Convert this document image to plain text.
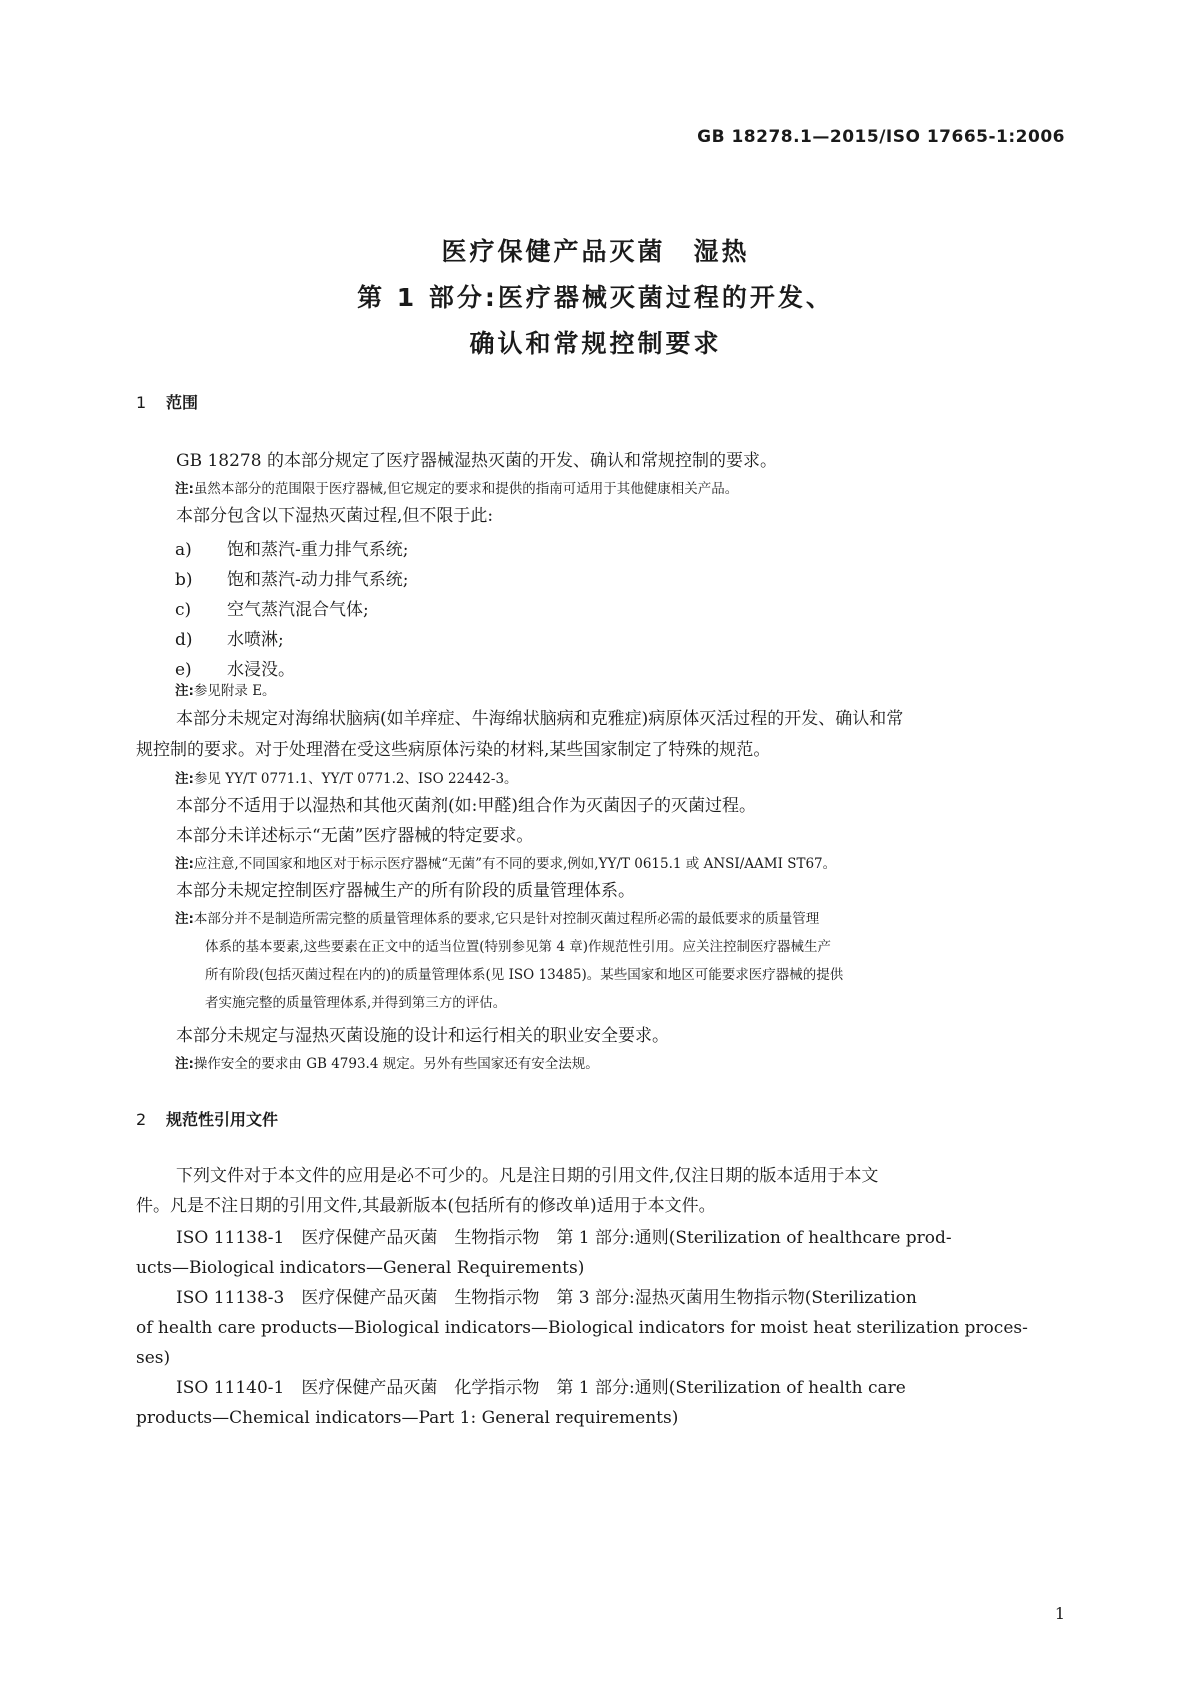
GB 18278.1—2015/ISO 17665-1:2006
医疗保健产品灭菌　湿热
第 1 部分:医疗器械灭菌过程的开发、
确认和常规控制要求
1 范围
GB 18278 的本部分规定了医疗器械湿热灭菌的开发、确认和常规控制的要求。
注:虽然本部分的范围限于医疗器械,但它规定的要求和提供的指南可适用于其他健康相关产品。
本部分包含以下湿热灭菌过程,但不限于此:
a) 饱和蒸汽-重力排气系统;
b) 饱和蒸汽-动力排气系统;
c) 空气蒸汽混合气体;
d) 水喷淋;
e) 水浸没。
注:参见附录 E。
本部分未规定对海绵状脑病(如羊痒症、牛海绵状脑病和克雅症)病原体灭活过程的开发、确认和常
规控制的要求。对于处理潜在受这些病原体污染的材料,某些国家制定了特殊的规范。
注:参见 YY/T 0771.1、YY/T 0771.2、ISO 22442-3。
本部分不适用于以湿热和其他灭菌剂(如:甲醛)组合作为灭菌因子的灭菌过程。
本部分未详述标示“无菌”医疗器械的特定要求。
注:应注意,不同国家和地区对于标示医疗器械“无菌”有不同的要求,例如,YY/T 0615.1 或 ANSI/AAMI ST67。
本部分未规定控制医疗器械生产的所有阶段的质量管理体系。
注:本部分并不是制造所需完整的质量管理体系的要求,它只是针对控制灭菌过程所必需的最低要求的质量管理
体系的基本要素,这些要素在正文中的适当位置(特别参见第 4 章)作规范性引用。应关注控制医疗器械生产
所有阶段(包括灭菌过程在内的)的质量管理体系(见 ISO 13485)。某些国家和地区可能要求医疗器械的提供
者实施完整的质量管理体系,并得到第三方的评估。
本部分未规定与湿热灭菌设施的设计和运行相关的职业安全要求。
注:操作安全的要求由 GB 4793.4 规定。另外有些国家还有安全法规。
2 规范性引用文件
下列文件对于本文件的应用是必不可少的。凡是注日期的引用文件,仅注日期的版本适用于本文
件。凡是不注日期的引用文件,其最新版本(包括所有的修改单)适用于本文件。
ISO 11138-1　医疗保健产品灭菌　生物指示物　第 1 部分:通则(Sterilization of healthcare prod-
ucts—Biological indicators—General Requirements)
ISO 11138-3　医疗保健产品灭菌　生物指示物　第 3 部分:湿热灭菌用生物指示物(Sterilization
of health care products—Biological indicators—Biological indicators for moist heat sterilization proces-
ses)
ISO 11140-1　医疗保健产品灭菌　化学指示物　第 1 部分:通则(Sterilization of health care
products—Chemical indicators—Part 1: General requirements)
1
